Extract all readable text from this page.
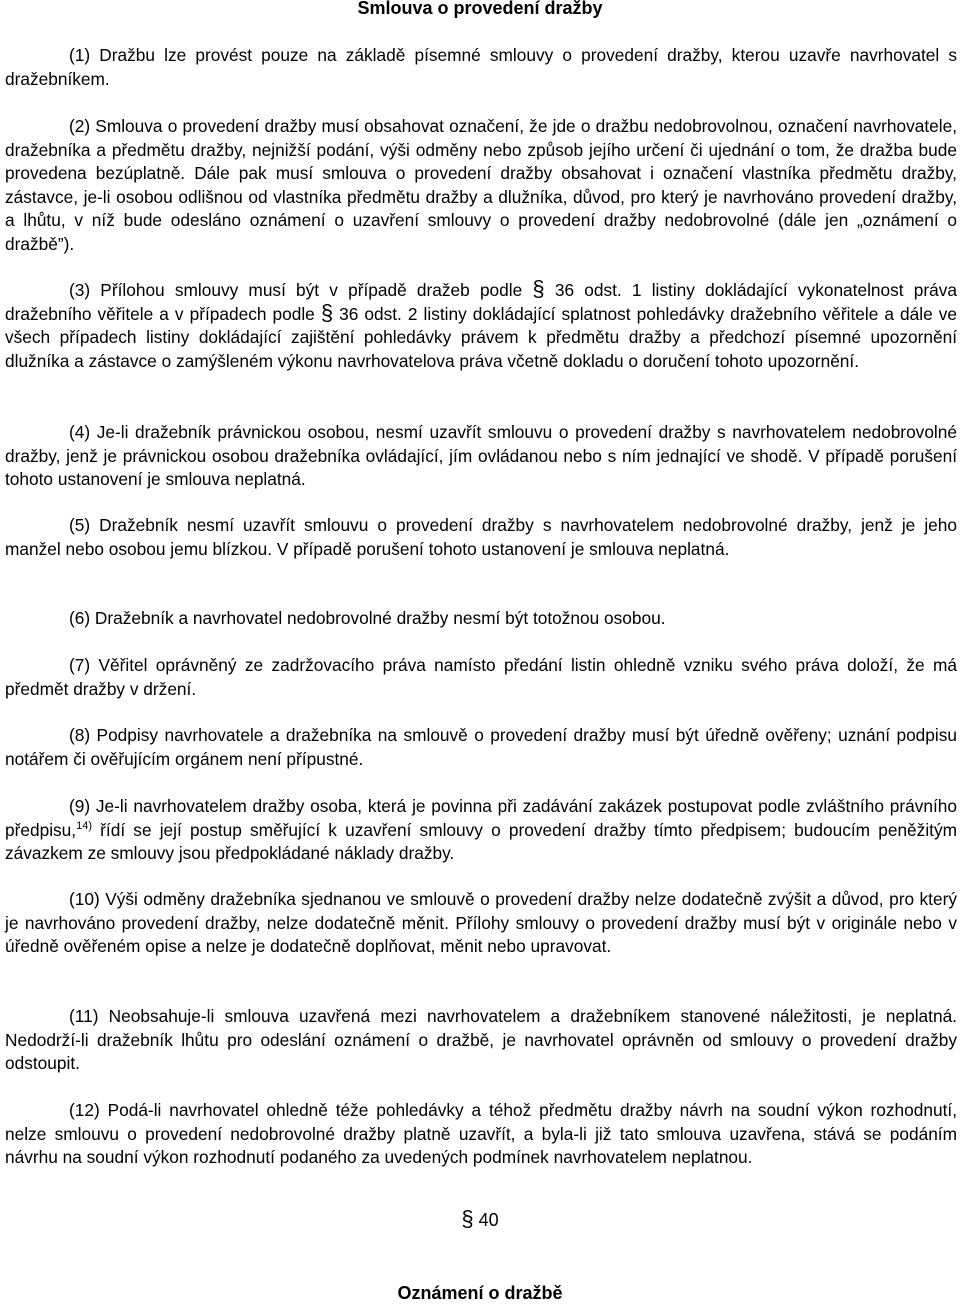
Smlouva o provedení dražby

(1) Dražbu lze provést pouze na základě písemné smlouvy o provedení dražby, kterou uzavře navrhovatel s dražebníkem.

(2) Smlouva o provedení dražby musí obsahovat označení, že jde o dražbu nedobrovolnou, označení navrhovatele, dražebníka a předmětu dražby, nejnižší podání, výši odměny nebo způsob jejího určení či ujednání o tom, že dražba bude provedena bezúplatně. Dále pak musí smlouva o provedení dražby obsahovat i označení vlastníka předmětu dražby, zástavce, je-li osobou odlišnou od vlastníka předmětu dražby a dlužníka, důvod, pro který je navrhováno provedení dražby, a lhůtu, v níž bude odesláno oznámení o uzavření smlouvy o provedení dražby nedobrovolné (dále jen „oznámení o dražbě”).

(3) Přílohou smlouvy musí být v případě dražeb podle § 36 odst. 1 listiny dokládající vykonatelnost práva dražebního věřitele a v případech podle § 36 odst. 2 listiny dokládající splatnost pohledávky dražebního věřitele a dále ve všech případech listiny dokládající zajištění pohledávky právem k předmětu dražby a předchozí písemné upozornění dlužníka a zástavce o zamýšleném výkonu navrhovatelova práva včetně dokladu o doručení tohoto upozornění.

(4) Je-li dražebník právnickou osobou, nesmí uzavřít smlouvu o provedení dražby s navrhovatelem nedobrovolné dražby, jenž je právnickou osobou dražebníka ovládající, jím ovládanou nebo s ním jednající ve shodě. V případě porušení tohoto ustanovení je smlouva neplatná.

(5) Dražebník nesmí uzavřít smlouvu o provedení dražby s navrhovatelem nedobrovolné dražby, jenž je jeho manžel nebo osobou jemu blízkou. V případě porušení tohoto ustanovení je smlouva neplatná.

(6) Dražebník a navrhovatel nedobrovolné dražby nesmí být totožnou osobou.

(7) Věřitel oprávněný ze zadržovacího práva namísto předání listin ohledně vzniku svého práva doloží, že má předmět dražby v držení.

(8) Podpisy navrhovatele a dražebníka na smlouvě o provedení dražby musí být úředně ověřeny; uznání podpisu notářem či ověřujícím orgánem není přípustné.

(9) Je-li navrhovatelem dražby osoba, která je povinna při zadávání zakázek postupovat podle zvláštního právního předpisu,$^{14)}$ řídí se její postup směřující k uzavření smlouvy o provedení dražby tímto předpisem; budoucím peněžitým závazkem ze smlouvy jsou předpokládané náklady dražby.

(10) Výši odměny dražebníka sjednanou ve smlouvě o provedení dražby nelze dodatečně zvýšit a důvod, pro který je navrhováno provedení dražby, nelze dodatečně měnit. Přílohy smlouvy o provedení dražby musí být v originále nebo v úředně ověřeném opise a nelze je dodatečně doplňovat, měnit nebo upravovat.

(11) Neobsahuje-li smlouva uzavřená mezi navrhovatelem a dražebníkem stanovené náležitosti, je neplatná. Nedodrží-li dražebník lhůtu pro odeslání oznámení o dražbě, je navrhovatel oprávněn od smlouvy o provedení dražby odstoupit.

(12) Podá-li navrhovatel ohledně téže pohledávky a téhož předmětu dražby návrh na soudní výkon rozhodnutí, nelze smlouvu o provedení nedobrovolné dražby platně uzavřít, a byla-li již tato smlouva uzavřena, stává se podáním návrhu na soudní výkon rozhodnutí podaného za uvedených podmínek navrhovatelem neplatnou.

§ 40
Oznámení o dražbě
